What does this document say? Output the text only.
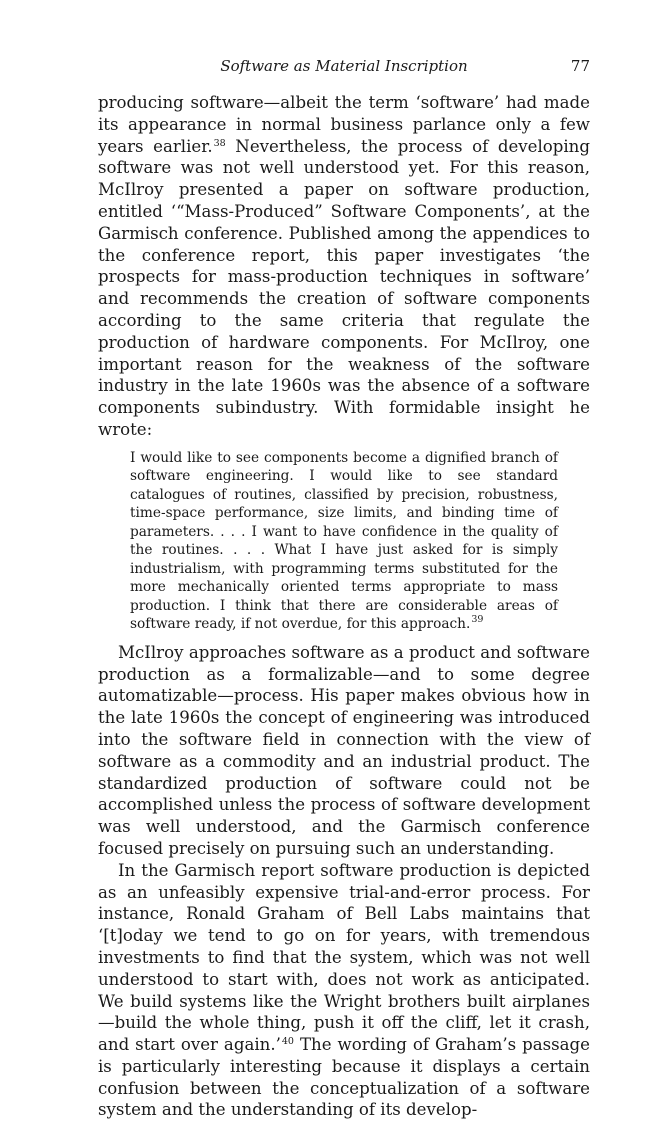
Software as Material Inscription	77

producing software—albeit the term ‘software’ had made its appearance in normal business parlance only a few years earlier.$^{38}$ Nevertheless, the process of developing software was not well understood yet. For this reason, McIlroy presented a paper on software production, entitled ‘“Mass-Produced” Software Components’, at the Garmisch conference. Published among the appendices to the conference report, this paper investigates ‘the prospects for mass-production techniques in software’ and recommends the creation of software components according to the same criteria that regulate the production of hardware components. For McIlroy, one important reason for the weakness of the software industry in the late 1960s was the absence of a software components subindustry. With formidable insight he wrote:

I would like to see components become a dignified branch of software engineering. I would like to see standard catalogues of routines, classified by precision, robustness, time-space performance, size limits, and binding time of parameters. . . . I want to have confidence in the quality of the routines. . . . What I have just asked for is simply industrialism, with programming terms substituted for the more mechanically oriented terms appropriate to mass production. I think that there are considerable areas of software ready, if not overdue, for this approach.$^{39}$

McIlroy approaches software as a product and software production as a formalizable—and to some degree automatizable—process. His paper makes obvious how in the late 1960s the concept of engineering was introduced into the software field in connection with the view of software as a commodity and an industrial product. The standardized production of software could not be accomplished unless the process of software development was well understood, and the Garmisch conference focused precisely on pursuing such an understanding.

In the Garmisch report software production is depicted as an unfeasibly expensive trial-and-error process. For instance, Ronald Graham of Bell Labs maintains that ‘[t]oday we tend to go on for years, with tremendous investments to find that the system, which was not well understood to start with, does not work as anticipated. We build systems like the Wright brothers built airplanes—build the whole thing, push it off the cliff, let it crash, and start over again.’$^{40}$ The wording of Graham’s passage is particularly interesting because it displays a certain confusion between the conceptualization of a software system and the understanding of its develop-
